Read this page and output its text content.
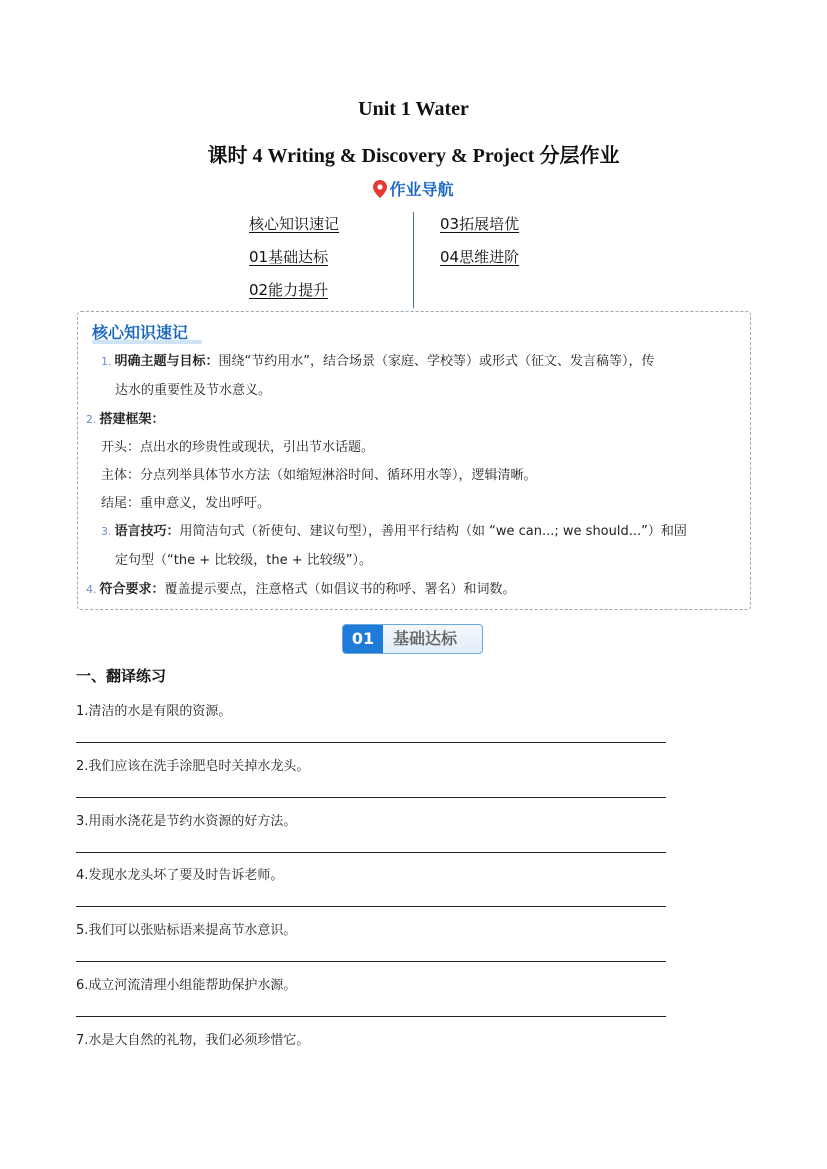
Unit 1 Water
课时 4 Writing & Discovery & Project 分层作业
作业导航
核心知识速记
01基础达标
02能力提升
03拓展培优
04思维进阶
核心知识速记
1. 明确主题与目标：围绕“节约用水”，结合场景（家庭、学校等）或形式（征文、发言稿等），传
达水的重要性及节水意义。
2. 搭建框架：
开头：点出水的珍贵性或现状，引出节水话题。
主体：分点列举具体节水方法（如缩短淋浴时间、循环用水等），逻辑清晰。
结尾：重申意义，发出呼吁。
3. 语言技巧：用简洁句式（祈使句、建议句型），善用平行结构（如 “we can...; we should...”）和固
定句型（“the + 比较级，the + 比较级”）。
4. 符合要求：覆盖提示要点，注意格式（如倡议书的称呼、署名）和词数。
01	基础达标
一、翻译练习
1.清洁的水是有限的资源。
2.我们应该在洗手涂肥皂时关掉水龙头。
3.用雨水浇花是节约水资源的好方法。
4.发现水龙头坏了要及时告诉老师。
5.我们可以张贴标语来提高节水意识。
6.成立河流清理小组能帮助保护水源。
7.水是大自然的礼物，我们必须珍惜它。
